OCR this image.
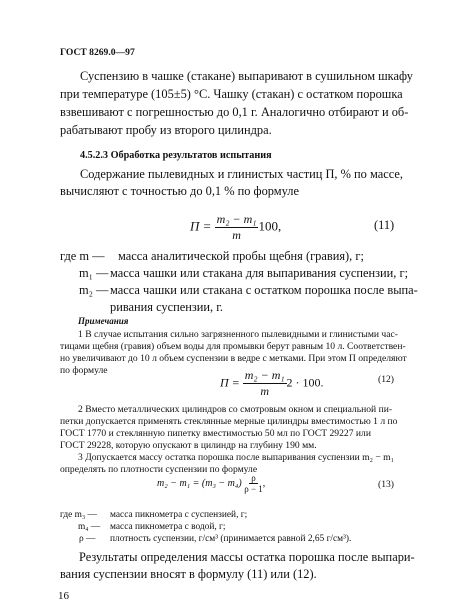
ГОСТ 8269.0—97
Суспензию в чашке (стакане) выпаривают в сушильном шкафу
при температуре (105±5) °С. Чашку (стакан) с остатком порошка
взвешивают с погрешностью до 0,1 г. Аналогично отбирают и об-
рабатывают пробу из второго цилиндра.
4.5.2.3 Обработка результатов испытания
Содержание пылевидных и глинистых частиц П, % по массе,
вычисляют с точностью до 0,1 % по формуле
$П = \frac{\text{m₂ − m₁}}{m} 100$,	(11)
где m — масса аналитической пробы щебня (гравия), г;
m₁ — масса чашки или стакана для выпаривания суспензии, г;
m₂ — масса чашки или стакана с остатком порошка после выпа-
ривания суспензии, г.
Примечания
1 В случае испытания сильно загрязненного пылевидными и глинистыми час-
тицами щебня (гравия) объем воды для промывки берут равным 10 л. Соответствен-
но увеличивают до 10 л объем суспензии в ведре с метками. При этом П определяют
по формуле
$П = \frac{\text{m₂ − m₁}}{m} 2 \cdot 100$.	(12)
2 Вместо металлических цилиндров со смотровым окном и специальной пи-
петки допускается применять стеклянные мерные цилиндры вместимостью 1 л по
ГОСТ 1770 и стеклянную пипетку вместимостью 50 мл по ГОСТ 29227 или
ГОСТ 29228, которую опускают в цилиндр на глубину 190 мм.
3 Допускается массу остатка порошка после выпаривания суспензии m₂ − m₁
определять по плотности суспензии по формуле
$m_2 - m_1 = (m_3 - m_4) \frac{\rho}{\rho - 1}$ ,	(13)
где m₃ — масса пикнометра с суспензией, г;
m₄ — масса пикнометра с водой, г;
ρ — плотность суспензии, г/см³ (принимается равной 2,65 г/см³).
Результаты определения массы остатка порошка после выпари-
вания суспензии вносят в формулу (11) или (12).
16
